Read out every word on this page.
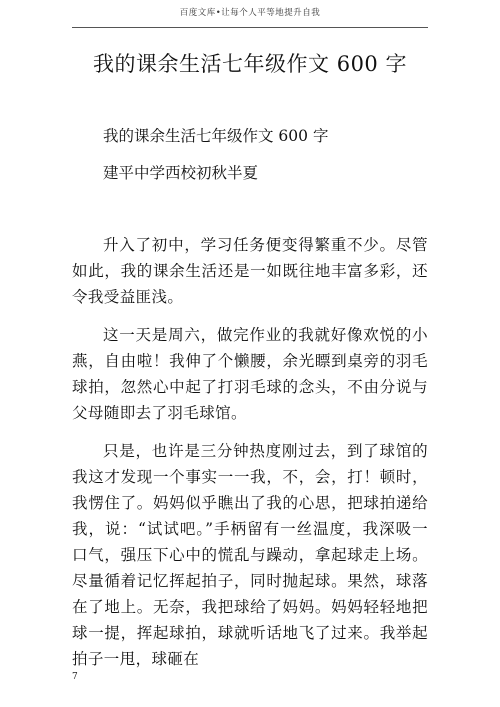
百度文库•让每个人平等地提升自我
我的课余生活七年级作文 600 字
我的课余生活七年级作文 600 字
建平中学西校初秋半夏

升入了初中，学习任务便变得繁重不少。尽管如此，我的课余生活还是一如既往地丰富多彩，还令我受益匪浅。

这一天是周六，做完作业的我就好像欢悦的小燕，自由啦！我伸了个懒腰，余光瞟到桌旁的羽毛球拍，忽然心中起了打羽毛球的念头，不由分说与父母随即去了羽毛球馆。

只是，也许是三分钟热度刚过去，到了球馆的我这才发现一个事实一一我，不，会，打！顿时，我愣住了。妈妈似乎瞧出了我的心思，把球拍递给我，说：“试试吧。”手柄留有一丝温度，我深吸一口气，强压下心中的慌乱与躁动，拿起球走上场。尽量循着记忆挥起拍子，同时抛起球。果然，球落在了地上。无奈，我把球给了妈妈。妈妈轻轻地把球一提，挥起球拍，球就听话地飞了过来。我举起拍子一甩，球砸在

7
